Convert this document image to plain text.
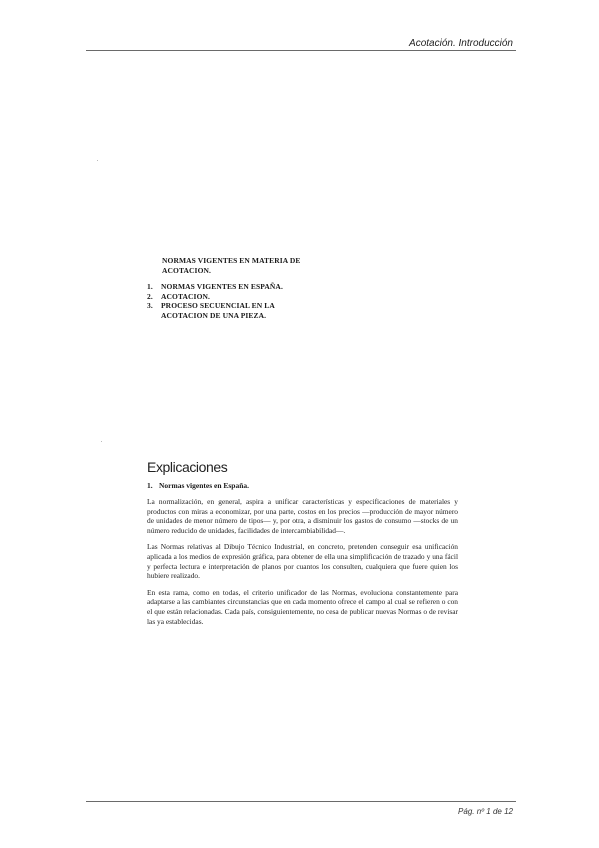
Acotación. Introducción
NORMAS VIGENTES EN MATERIA DE ACOTACION.
1.	NORMAS VIGENTES EN ESPAÑA.
2.	ACOTACION.
3.	PROCESO SECUENCIAL EN LA ACOTACION DE UNA PIEZA.
Explicaciones
1. Normas vigentes en España.

La normalización, en general, aspira a unificar características y especificaciones de materiales y productos con miras a economizar, por una parte, costos en los precios —producción de mayor número de unidades de menor número de tipos— y, por otra, a disminuir los gastos de consumo —stocks de un número reducido de unidades, facilidades de intercambiabilidad—.

Las Normas relativas al Dibujo Técnico Industrial, en concreto, pretenden conseguir esa unificación aplicada a los medios de expresión gráfica, para obtener de ella una simplificación de trazado y una fácil y perfecta lectura e interpretación de planos por cuantos los consulten, cualquiera que fuere quien los hubiere realizado.

En esta rama, como en todas, el criterio unificador de las Normas, evoluciona constantemente para adaptarse a las cambiantes circunstancias que en cada momento ofrece el campo al cual se refieren o con el que están relacionadas. Cada país, consiguientemente, no cesa de publicar nuevas Normas o de revisar las ya establecidas.

Pág. nº 1 de 12
